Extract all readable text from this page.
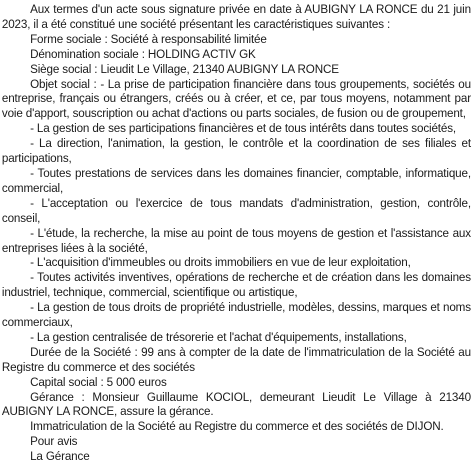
Aux termes d'un acte sous signature privée en date à AUBIGNY LA RONCE du 21 juin 2023, il a été constitué une société présentant les caractéristiques suivantes :

Forme sociale : Société à responsabilité limitée

Dénomination sociale : HOLDING ACTIV GK

Siège social : Lieudit Le Village, 21340 AUBIGNY LA RONCE

Objet social : - La prise de participation financière dans tous groupements, sociétés ou entreprise, français ou étrangers, créés ou à créer, et ce, par tous moyens, notamment par voie d'apport, souscription ou achat d'actions ou parts sociales, de fusion ou de groupement,

- La gestion de ses participations financières et de tous intérêts dans toutes sociétés,

- La direction, l'animation, la gestion, le contrôle et la coordination de ses filiales et participations,

- Toutes prestations de services dans les domaines financier, comptable, informatique, commercial,

- L'acceptation ou l'exercice de tous mandats d'administration, gestion, contrôle, conseil,

- L'étude, la recherche, la mise au point de tous moyens de gestion et l'assistance aux entreprises liées à la société,

- L'acquisition d'immeubles ou droits immobiliers en vue de leur exploitation,

- Toutes activités inventives, opérations de recherche et de création dans les domaines industriel, technique, commercial, scientifique ou artistique,

- La gestion de tous droits de propriété industrielle, modèles, dessins, marques et noms commerciaux,

- La gestion centralisée de trésorerie et l'achat d'équipements, installations,

Durée de la Société : 99 ans à compter de la date de l'immatriculation de la Société au Registre du commerce et des sociétés

Capital social : 5 000 euros

Gérance : Monsieur Guillaume KOCIOL, demeurant Lieudit Le Village à 21340 AUBIGNY LA RONCE, assure la gérance.

Immatriculation de la Société au Registre du commerce et des sociétés de DIJON.

Pour avis

La Gérance
